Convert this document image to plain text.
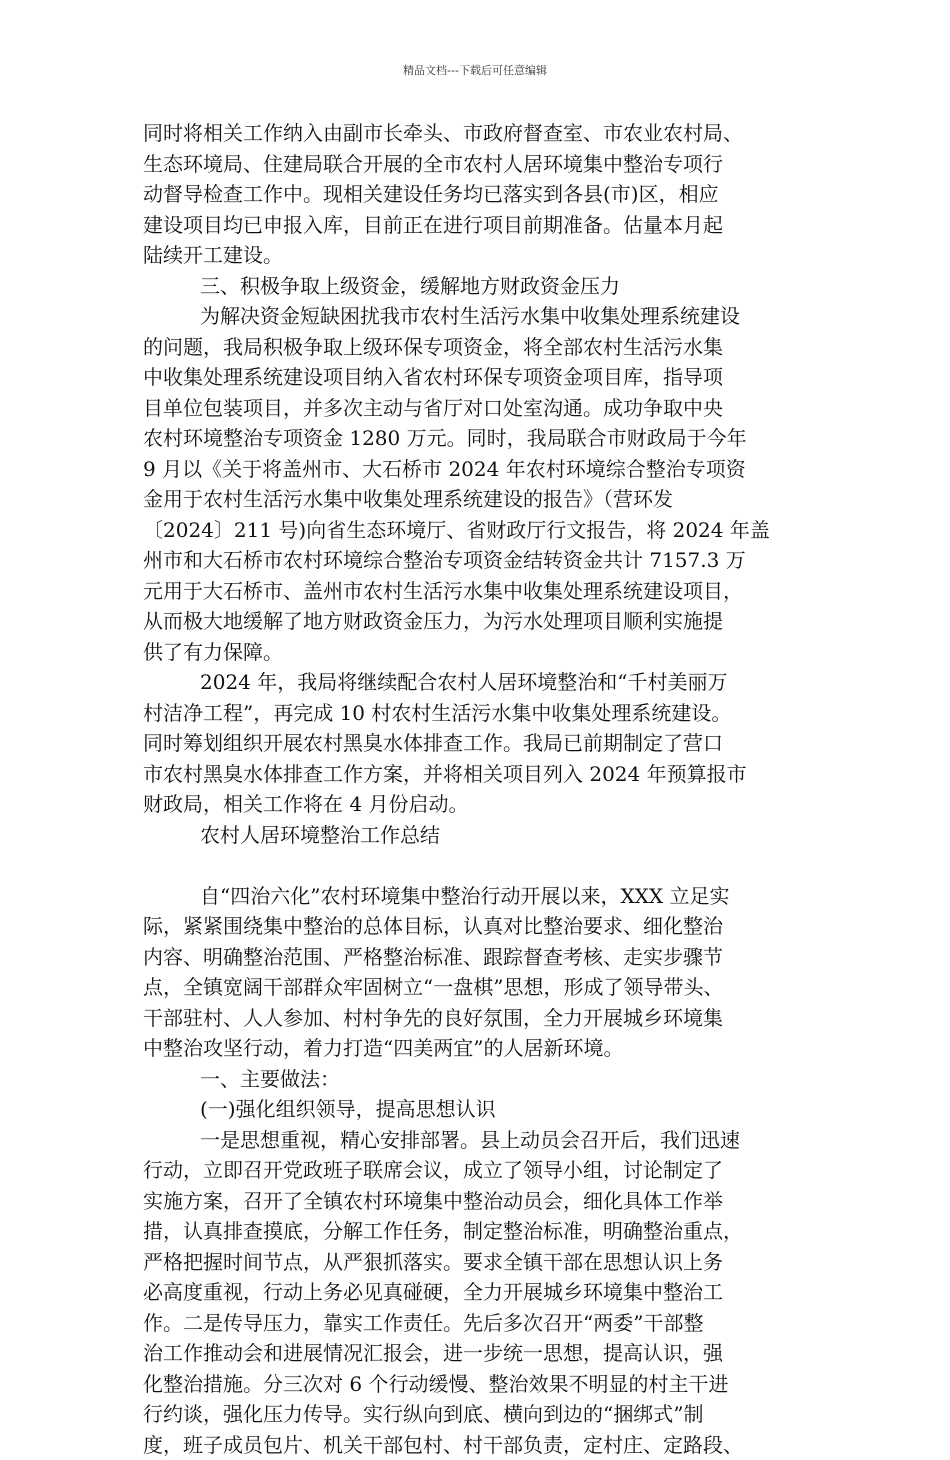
精品文档---下载后可任意编辑

同时将相关工作纳入由副市长牵头、市政府督查室、市农业农村局、

生态环境局、住建局联合开展的全市农村人居环境集中整治专项行

动督导检查工作中。现相关建设任务均已落实到各县(市)区，相应

建设项目均已申报入库，目前正在进行项目前期准备。估量本月起

陆续开工建设。

三、积极争取上级资金，缓解地方财政资金压力

为解决资金短缺困扰我市农村生活污水集中收集处理系统建设

的问题，我局积极争取上级环保专项资金，将全部农村生活污水集

中收集处理系统建设项目纳入省农村环保专项资金项目库，指导项

目单位包装项目，并多次主动与省厅对口处室沟通。成功争取中央

农村环境整治专项资金 1280 万元。同时，我局联合市财政局于今年

9 月以《关于将盖州市、大石桥市 2024 年农村环境综合整治专项资

金用于农村生活污水集中收集处理系统建设的报告》（营环发

〔2024〕211 号)向省生态环境厅、省财政厅行文报告，将 2024 年盖

州市和大石桥市农村环境综合整治专项资金结转资金共计 7157.3 万

元用于大石桥市、盖州市农村生活污水集中收集处理系统建设项目，

从而极大地缓解了地方财政资金压力，为污水处理项目顺利实施提

供了有力保障。

2024 年，我局将继续配合农村人居环境整治和“千村美丽万

村洁净工程”，再完成 10 村农村生活污水集中收集处理系统建设。

同时筹划组织开展农村黑臭水体排查工作。我局已前期制定了营口

市农村黑臭水体排查工作方案，并将相关项目列入 2024 年预算报市

财政局，相关工作将在 4 月份启动。

农村人居环境整治工作总结

自“四治六化”农村环境集中整治行动开展以来，XXX 立足实

际，紧紧围绕集中整治的总体目标，认真对比整治要求、细化整治

内容、明确整治范围、严格整治标准、跟踪督查考核、走实步骤节

点，全镇宽阔干部群众牢固树立“一盘棋”思想，形成了领导带头、

干部驻村、人人参加、村村争先的良好氛围，全力开展城乡环境集

中整治攻坚行动，着力打造“四美两宜”的人居新环境。

一、主要做法：

(一)强化组织领导，提高思想认识

一是思想重视，精心安排部署。县上动员会召开后，我们迅速

行动，立即召开党政班子联席会议，成立了领导小组，讨论制定了

实施方案，召开了全镇农村环境集中整治动员会，细化具体工作举

措，认真排查摸底，分解工作任务，制定整治标准，明确整治重点，

严格把握时间节点，从严狠抓落实。要求全镇干部在思想认识上务

必高度重视，行动上务必见真碰硬，全力开展城乡环境集中整治工

作。二是传导压力，靠实工作责任。先后多次召开“两委”干部整

治工作推动会和进展情况汇报会，进一步统一思想，提高认识，强

化整治措施。分三次对 6 个行动缓慢、整治效果不明显的村主干进

行约谈，强化压力传导。实行纵向到底、横向到边的“捆绑式”制

度，班子成员包片、机关干部包村、村干部负责，定村庄、定路段、
